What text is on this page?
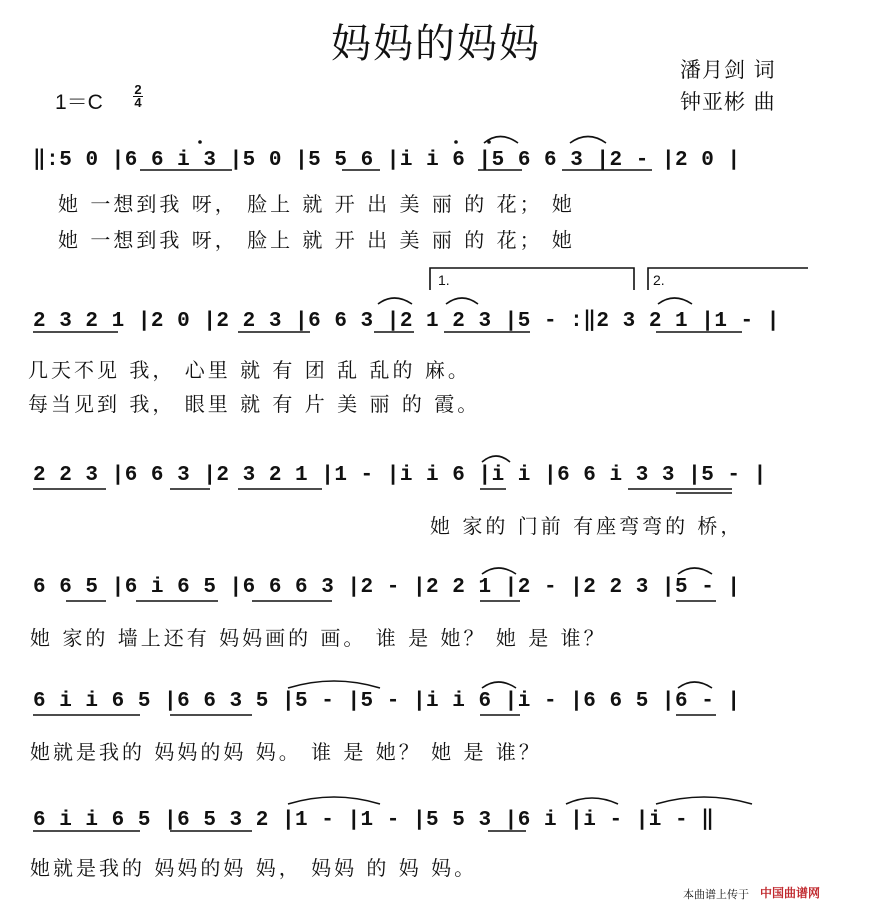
妈妈的妈妈
潘月剑 词
钟亚彬 曲
1＝C
2
4
‖:5 0 |6 6 i 3 |5 0 |5 5 6 |i i 6 |5 6 6 3 |2 - |2 0 |
她 一想到我 呀， 脸上 就 开 出 美 丽 的 花； 她
她 一想到我 呀， 脸上 就 开 出 美 丽 的 花； 她
1.	2.
2 3 2 1 |2 0 |2 2 3 |6 6 3 |2 1 2 3 |5 - :‖2 3 2 1 |1 - |
几天不见 我， 心里 就 有 团 乱 乱的 麻。
每当见到 我， 眼里 就 有 片 美 丽 的 霞。
2 2 3 |6 6 3 |2 3 2 1 |1 - |i i 6 |i i |6 6 i 3 3 |5 - |
她 家的 门前 有座弯弯的 桥，
6 6 5 |6 i 6 5 |6 6 6 3 |2 - |2 2 1 |2 - |2 2 3 |5 - |
她 家的 墙上还有 妈妈画的 画。 谁 是 她？ 她 是 谁？
6 i i 6 5 |6 6 3 5 |5 - |5 - |i i 6 |i - |6 6 5 |6 - |
她就是我的 妈妈的妈 妈。 谁 是 她？ 她 是 谁？
6 i i 6 5 |6 5 3 2 |1 - |1 - |5 5 3 |6 i |i - |i - ‖
她就是我的 妈妈的妈 妈， 妈妈 的 妈 妈。
本曲谱上传于 中国曲谱网
